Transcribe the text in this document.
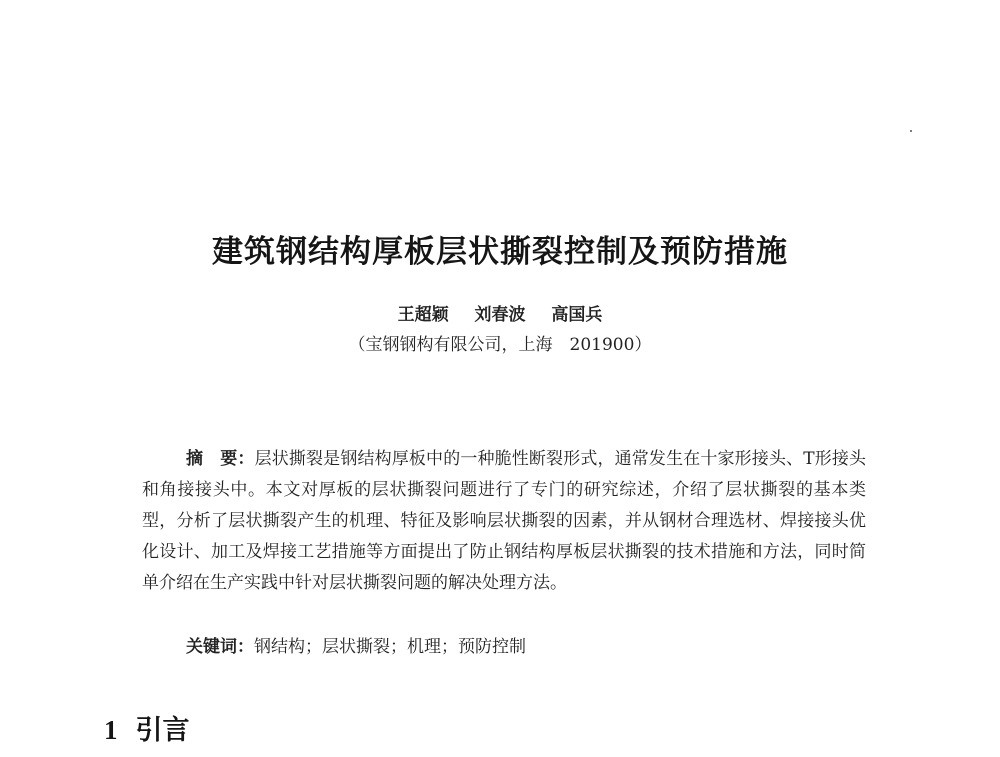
建筑钢结构厚板层状撕裂控制及预防措施
王超颖 刘春波 高国兵
（宝钢钢构有限公司，上海　201900）
摘　要：层状撕裂是钢结构厚板中的一种脆性断裂形式，通常发生在十家形接头、T形接头和角接接头中。本文对厚板的层状撕裂问题进行了专门的研究综述，介绍了层状撕裂的基本类型，分析了层状撕裂产生的机理、特征及影响层状撕裂的因素，并从钢材合理选材、焊接接头优化设计、加工及焊接工艺措施等方面提出了防止钢结构厚板层状撕裂的技术措施和方法，同时简单介绍在生产实践中针对层状撕裂问题的解决处理方法。
关键词：钢结构；层状撕裂；机理；预防控制
1 引言
